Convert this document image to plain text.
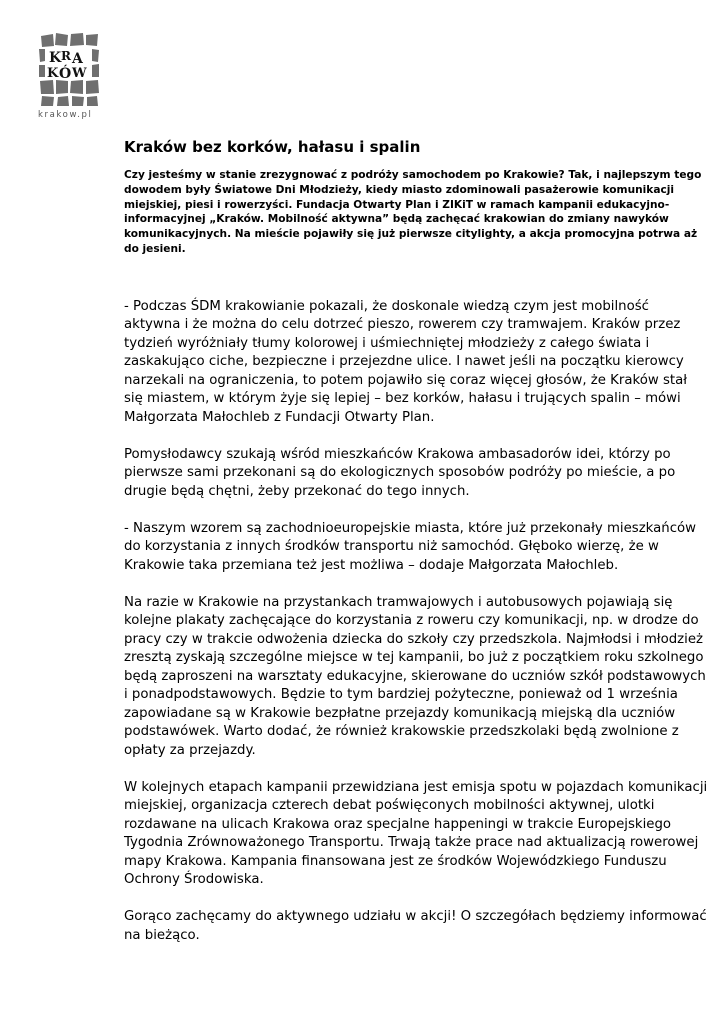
K R A
K Ó W
krakow.pl
Kraków bez korków, hałasu i spalin

Czy jesteśmy w stanie zrezygnować z podróży samochodem po Krakowie? Tak, i najlepszym tego dowodem były Światowe Dni Młodzieży, kiedy miasto zdominowali pasażerowie komunikacji miejskiej, piesi i rowerzyści. Fundacja Otwarty Plan i ZIKiT w ramach kampanii edukacyjno-informacyjnej „Kraków. Mobilność aktywna” będą zachęcać krakowian do zmiany nawyków komunikacyjnych. Na mieście pojawiły się już pierwsze citylighty, a akcja promocyjna potrwa aż do jesieni.

- Podczas ŚDM krakowianie pokazali, że doskonale wiedzą czym jest mobilność aktywna i że można do celu dotrzeć pieszo, rowerem czy tramwajem. Kraków przez tydzień wyróżniały tłumy kolorowej i uśmiechniętej młodzieży z całego świata i zaskakująco ciche, bezpieczne i przejezdne ulice. I nawet jeśli na początku kierowcy narzekali na ograniczenia, to potem pojawiło się coraz więcej głosów, że Kraków stał się miastem, w którym żyje się lepiej – bez korków, hałasu i trujących spalin – mówi Małgorzata Małochleb z Fundacji Otwarty Plan.

Pomysłodawcy szukają wśród mieszkańców Krakowa ambasadorów idei, którzy po pierwsze sami przekonani są do ekologicznych sposobów podróży po mieście, a po drugie będą chętni, żeby przekonać do tego innych.

- Naszym wzorem są zachodnioeuropejskie miasta, które już przekonały mieszkańców do korzystania z innych środków transportu niż samochód. Głęboko wierzę, że w Krakowie taka przemiana też jest możliwa – dodaje Małgorzata Małochleb.

Na razie w Krakowie na przystankach tramwajowych i autobusowych pojawiają się kolejne plakaty zachęcające do korzystania z roweru czy komunikacji, np. w drodze do pracy czy w trakcie odwożenia dziecka do szkoły czy przedszkola. Najmłodsi i młodzież zresztą zyskają szczególne miejsce w tej kampanii, bo już z początkiem roku szkolnego będą zaproszeni na warsztaty edukacyjne, skierowane do uczniów szkół podstawowych i ponadpodstawowych. Będzie to tym bardziej pożyteczne, ponieważ od 1 września zapowiadane są w Krakowie bezpłatne przejazdy komunikacją miejską dla uczniów podstawówek. Warto dodać, że również krakowskie przedszkolaki będą zwolnione z opłaty za przejazdy.

W kolejnych etapach kampanii przewidziana jest emisja spotu w pojazdach komunikacji miejskiej, organizacja czterech debat poświęconych mobilności aktywnej, ulotki rozdawane na ulicach Krakowa oraz specjalne happeningi w trakcie Europejskiego Tygodnia Zrównoważonego Transportu. Trwają także prace nad aktualizacją rowerowej mapy Krakowa. Kampania finansowana jest ze środków Wojewódzkiego Funduszu Ochrony Środowiska.

Gorąco zachęcamy do aktywnego udziału w akcji! O szczegółach będziemy informować na bieżąco.
